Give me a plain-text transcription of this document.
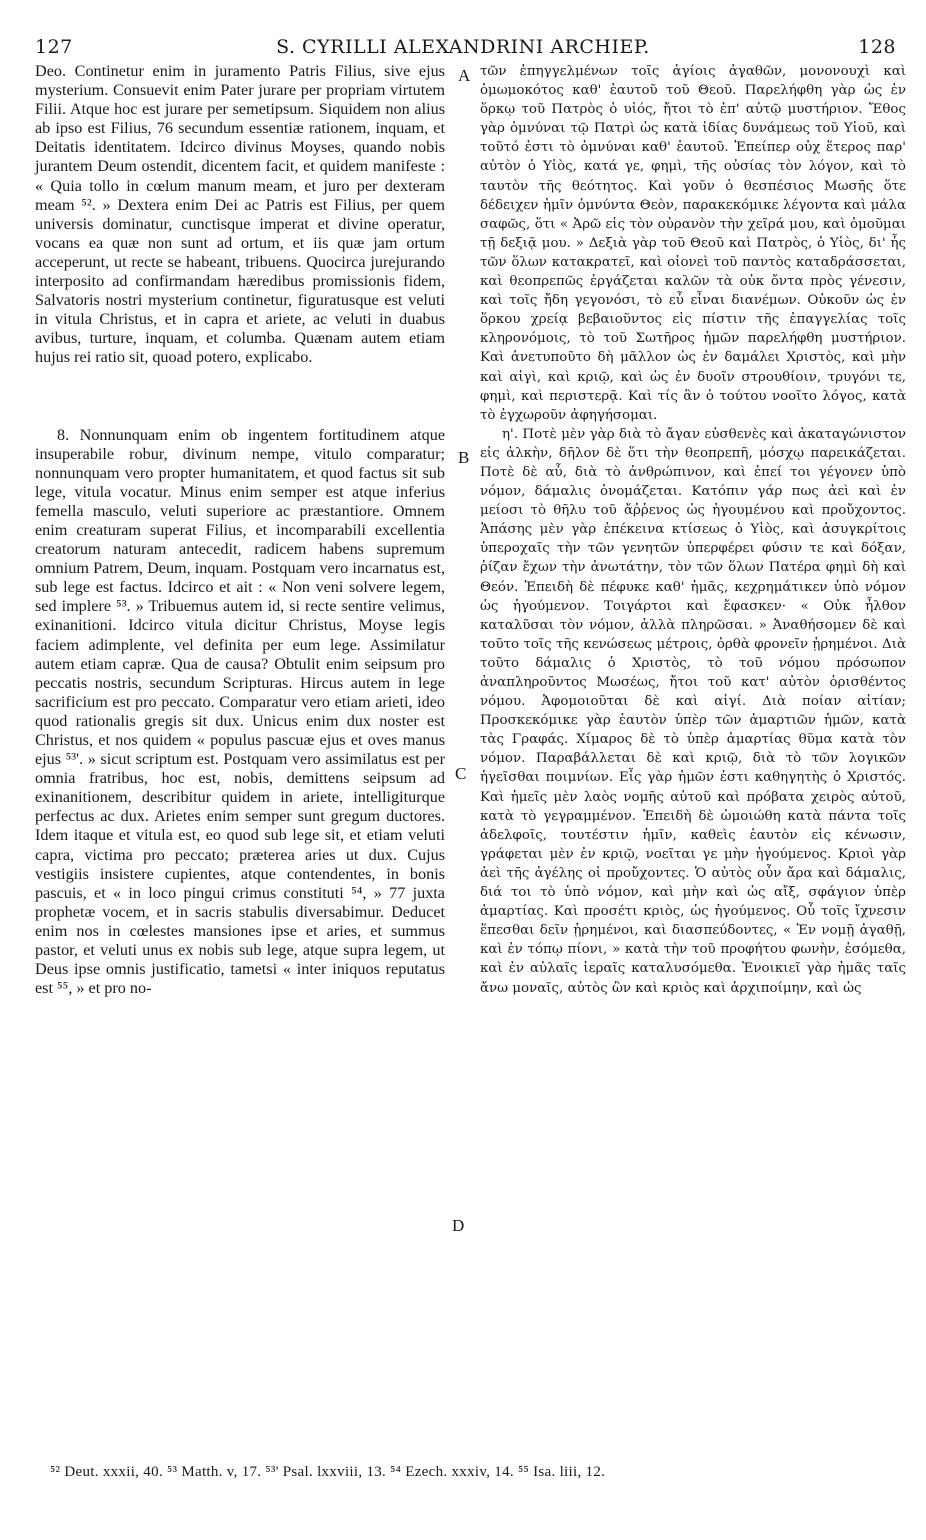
127	S. CYRILLI ALEXANDRINI ARCHIEP.	128

Deo. Continetur enim in juramento Patris Filius, sive ejus mysterium. Consuevit enim Pater jurare per propriam virtutem Filii. Atque hoc est jurare per semetipsum. Siquidem non alius ab ipso est Filius, 76 secundum essentiæ rationem, inquam, et Deitatis identitatem. Idcirco divinus Moyses, quando nobis jurantem Deum ostendit, dicentem facit, et quidem manifeste : « Quia tollo in cœlum manum meam, et juro per dexteram meam ⁵². » Dextera enim Dei ac Patris est Filius, per quem universis dominatur, cunctisque imperat et divine operatur, vocans ea quæ non sunt ad ortum, et iis quæ jam ortum acceperunt, ut recte se habeant, tribuens. Quocirca jurejurando interposito ad confirmandam hæredibus promissionis fidem, Salvatoris nostri mysterium continetur, figuratusque est veluti in vitula Christus, et in capra et ariete, ac veluti in duabus avibus, turture, inquam, et columba. Quænam autem etiam hujus rei ratio sit, quoad potero, explicabo.

8. Nonnunquam enim ob ingentem fortitudinem atque insuperabile robur, divinum nempe, vitulo comparatur; nonnunquam vero propter humanitatem, et quod factus sit sub lege, vitula vocatur. Minus enim semper est atque inferius femella masculo, veluti superiore ac præstantiore. Omnem enim creaturam superat Filius, et incomparabili excellentia creatorum naturam antecedit, radicem habens supremum omnium Patrem, Deum, inquam. Postquam vero incarnatus est, sub lege est factus. Idcirco et ait : « Non veni solvere legem, sed implere ⁵³. » Tribuemus autem id, si recte sentire velimus, exinanitioni. Idcirco vitula dicitur Christus, Moyse legis faciem adimplente, vel definita per eum lege. Assimilatur autem etiam capræ. Qua de causa? Obtulit enim seipsum pro peccatis nostris, secundum Scripturas. Hircus autem in lege sacrificium est pro peccato. Comparatur vero etiam arieti, ideo quod rationalis gregis sit dux. Unicus enim dux noster est Christus, et nos quidem « populus pascuæ ejus et oves manus ejus ⁵³'. » sicut scriptum est. Postquam vero assimilatus est per omnia fratribus, hoc est, nobis, demittens seipsum ad exinanitionem, describitur quidem in ariete, intelligiturque perfectus ac dux. Arietes enim semper sunt gregum ductores. Idem itaque et vitula est, eo quod sub lege sit, et etiam veluti capra, victima pro peccato; præterea aries ut dux. Cujus vestigiis insistere cupientes, atque contendentes, in bonis pascuis, et « in loco pingui crimus constituti ⁵⁴, » 77 juxta prophetæ vocem, et in sacris stabulis diversabimur. Deducet enim nos in cœlestes mansiones ipse et aries, et summus pastor, et veluti unus ex nobis sub lege, atque supra legem, ut Deus ipse omnis justificatio, tametsi « inter iniquos reputatus est ⁵⁵, » et pro no-

τῶν ἐπηγγελμένων τοῖς ἁγίοις ἀγαθῶν, μονονουχὶ καὶ ὁμωμοκότος καθ' ἑαυτοῦ τοῦ Θεοῦ. Παρελήφθη γὰρ ὡς ἐν ὅρκῳ τοῦ Πατρὸς ὁ υἱός, ἤτοι τὸ ἐπ' αὐτῷ μυστήριον. Ἔθος γὰρ ὀμνύναι τῷ Πατρὶ ὡς κατὰ ἰδίας δυνάμεως τοῦ Υἱοῦ, καὶ τοῦτό ἐστι τὸ ὀμνύναι καθ' ἑαυτοῦ. Ἐπείπερ οὐχ ἕτερος παρ' αὐτὸν ὁ Υἱὸς, κατά γε, φημὶ, τῆς οὐσίας τὸν λόγον, καὶ τὸ ταυτὸν τῆς θεότητος. Καὶ γοῦν ὁ θεσπέσιος Μωσῆς ὅτε δέδειχεν ἡμῖν ὀμνύντα Θεὸν, παρακεκόμικε λέγοντα καὶ μάλα σαφῶς, ὅτι « Ἀρῶ εἰς τὸν οὐρανὸν τὴν χεῖρά μου, καὶ ὀμοῦμαι τῇ δεξιᾷ μου. » Δεξιὰ γὰρ τοῦ Θεοῦ καὶ Πατρὸς, ὁ Υἱὸς, δι' ἧς τῶν ὅλων κατακρατεῖ, καὶ οἱονεὶ τοῦ παντὸς καταδράσσεται, καὶ θεοπρεπῶς ἐργάζεται καλῶν τὰ οὐκ ὄντα πρὸς γένεσιν, καὶ τοῖς ἤδη γεγονόσι, τὸ εὖ εἶναι διανέμων. Οὐκοῦν ὡς ἐν ὅρκου χρείᾳ βεβαιοῦντος εἰς πίστιν τῆς ἐπαγγελίας τοῖς κληρονόμοις, τὸ τοῦ Σωτῆρος ἡμῶν παρελήφθη μυστήριον. Καὶ ἀνετυποῦτο δὴ μᾶλλον ὡς ἐν δαμάλει Χριστὸς, καὶ μὴν καὶ αἰγὶ, καὶ κριῷ, καὶ ὡς ἐν δυοῖν στρουθίοιν, τρυγόνι τε, φημὶ, καὶ περιστερᾷ. Καὶ τίς ἂν ὁ τούτου νοοῖτο λόγος, κατὰ τὸ ἐγχωροῦν ἀφηγήσομαι.

η'. Ποτὲ μὲν γὰρ διὰ τὸ ἄγαν εὐσθενὲς καὶ ἀκαταγώνιστον εἰς ἀλκὴν, δῆλον δὲ ὅτι τὴν θεοπρεπῆ, μόσχῳ παρεικάζεται. Ποτὲ δὲ αὖ, διὰ τὸ ἀνθρώπινον, καὶ ἐπεί τοι γέγονεν ὑπὸ νόμον, δάμαλις ὀνομάζεται. Κατόπιν γάρ πως ἀεὶ καὶ ἐν μείοσι τὸ θῆλυ τοῦ ἄῤῥενος ὡς ἡγουμένου καὶ προὔχοντος. Ἁπάσης μὲν γὰρ ἐπέκεινα κτίσεως ὁ Υἱὸς, καὶ ἀσυγκρίτοις ὑπεροχαῖς τὴν τῶν γενητῶν ὑπερφέρει φύσιν τε καὶ δόξαν, ῥίζαν ἔχων τὴν ἀνωτάτην, τὸν τῶν ὅλων Πατέρα φημὶ δὴ καὶ Θεόν. Ἐπειδὴ δὲ πέφυκε καθ' ἡμᾶς, κεχρημάτικεν ὑπὸ νόμον ὡς ἡγούμενον. Τοιγάρτοι καὶ ἔφασκεν· « Οὐκ ἦλθον καταλῦσαι τὸν νόμον, ἀλλὰ πληρῶσαι. » Ἀναθήσομεν δὲ καὶ τοῦτο τοῖς τῆς κενώσεως μέτροις, ὀρθὰ φρονεῖν ᾑρημένοι. Διὰ τοῦτο δάμαλις ὁ Χριστὸς, τὸ τοῦ νόμου πρόσωπον ἀναπληροῦντος Μωσέως, ἤτοι τοῦ κατ' αὐτὸν ὁρισθέντος νόμου. Ἀφομοιοῦται δὲ καὶ αἰγί. Διὰ ποίαν αἰτίαν; Προσκεκόμικε γὰρ ἑαυτὸν ὑπὲρ τῶν ἁμαρτιῶν ἡμῶν, κατὰ τὰς Γραφάς. Χίμαρος δὲ τὸ ὑπὲρ ἁμαρτίας θῦμα κατὰ τὸν νόμον. Παραβάλλεται δὲ καὶ κριῷ, διὰ τὸ τῶν λογικῶν ἡγεῖσθαι ποιμνίων. Εἷς γὰρ ἡμῶν ἐστι καθηγητὴς ὁ Χριστός. Καὶ ἡμεῖς μὲν λαὸς νομῆς αὐτοῦ καὶ πρόβατα χειρὸς αὐτοῦ, κατὰ τὸ γεγραμμένον. Ἐπειδὴ δὲ ὡμοιώθη κατὰ πάντα τοῖς ἀδελφοῖς, τουτέστιν ἡμῖν, καθεὶς ἑαυτὸν εἰς κένωσιν, γράφεται μὲν ἐν κριῷ, νοεῖται γε μὴν ἡγούμενος. Κριοὶ γὰρ ἀεὶ τῆς ἀγέλης οἱ προὔχοντες. Ὁ αὐτὸς οὖν ἄρα καὶ δάμαλις, διά τοι τὸ ὑπὸ νόμον, καὶ μὴν καὶ ὡς αἴξ, σφάγιον ὑπὲρ ἁμαρτίας. Καὶ προσέτι κριὸς, ὡς ἡγούμενος. Οὗ τοῖς ἴχνεσιν ἕπεσθαι δεῖν ᾑρημένοι, καὶ διασπεύδοντες, « Ἐν νομῇ ἀγαθῇ, καὶ ἐν τόπῳ πίονι, » κατὰ τὴν τοῦ προφήτου φωνὴν, ἐσόμεθα, καὶ ἐν αὐλαῖς ἱεραῖς καταλυσόμεθα. Ἐνοικιεῖ γὰρ ἡμᾶς ταῖς ἄνω μοναῖς, αὐτὸς ὢν καὶ κριὸς καὶ ἀρχιποίμην, καὶ ὡς

A
B
C
D
⁵² Deut. xxxii, 40. ⁵³ Matth. v, 17. ⁵³' Psal. lxxviii, 13. ⁵⁴ Ezech. xxxiv, 14. ⁵⁵ Isa. liii, 12.
